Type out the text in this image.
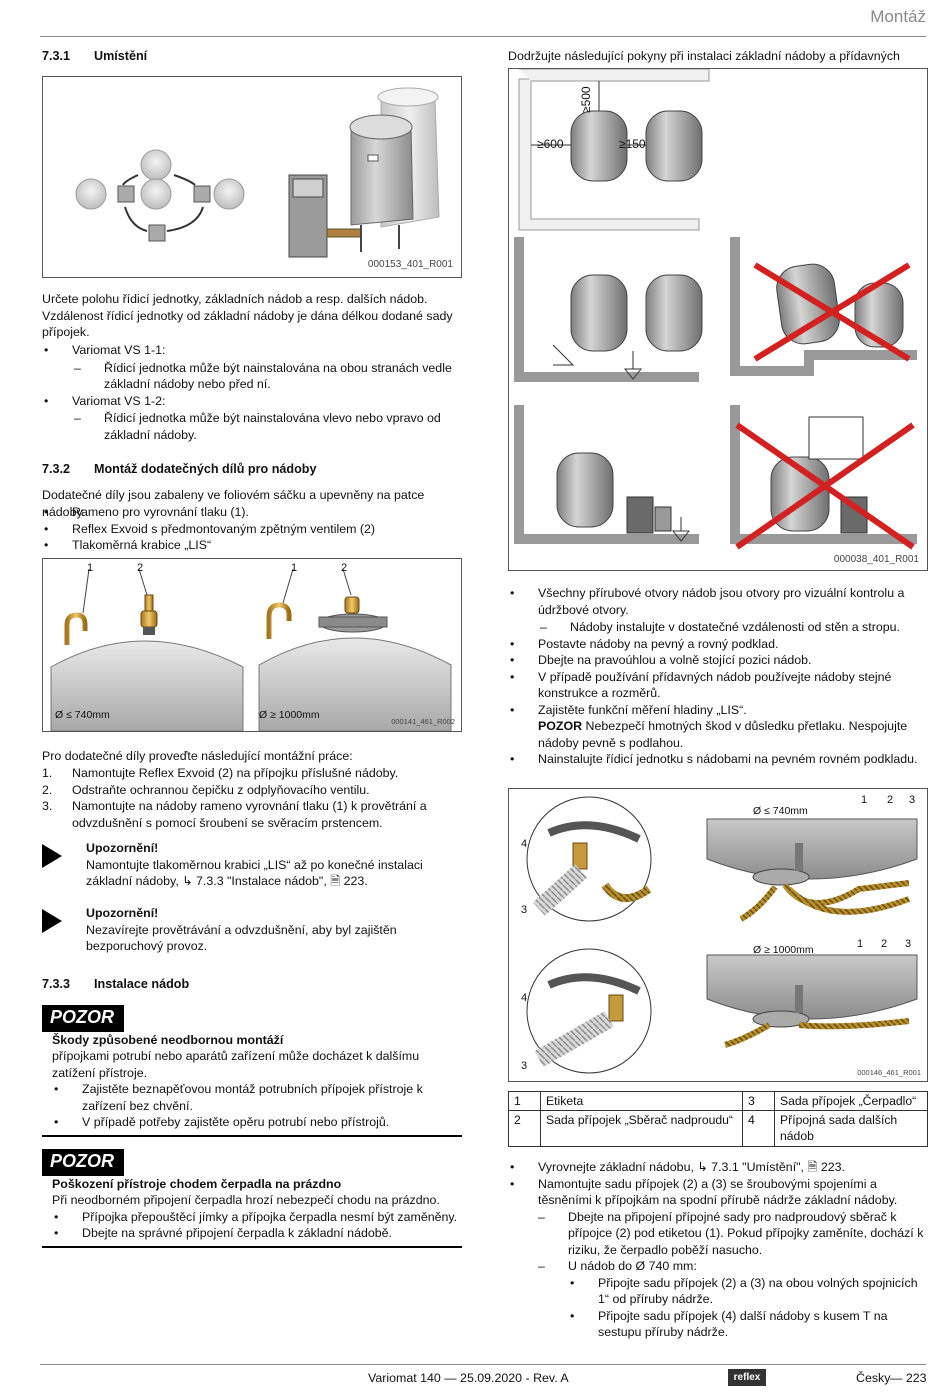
Montáž
7.3.1 Umístění
000153_401_R001
Určete polohu řídicí jednotky, základních nádob a resp. dalších nádob. Vzdálenost řídicí jednotky od základní nádoby je dána délkou dodané sady přípojek.
• Variomat VS 1-1:
– Řídicí jednotka může být nainstalována na obou stranách vedle základní nádoby nebo před ní.
• Variomat VS 1-2:
– Řídicí jednotka může být nainstalována vlevo nebo vpravo od základní nádoby.
7.3.2 Montáž dodatečných dílů pro nádoby
Dodatečné díly jsou zabaleny ve foliovém sáčku a upevněny na patce nádoby.
• Rameno pro vyrovnání tlaku (1).
• Reflex Exvoid s předmontovaným zpětným ventilem (2)
• Tlakoměrná krabice „LIS“
1	2	1	2
Ø ≤ 740mm	Ø ≥ 1000mm
000141_461_R002
Pro dodatečné díly proveďte následující montážní práce:
1. Namontujte Reflex Exvoid (2) na přípojku příslušné nádoby.
2. Odstraňte ochrannou čepičku z odplyňovacího ventilu.
3. Namontujte na nádoby rameno vyrovnání tlaku (1) k provětrání a odvzdušnění s pomocí šroubení se svěracím prstencem.
Upozornění!
Namontujte tlakoměrnou krabici „LIS“ až po konečné instalaci základní nádoby, ↳ 7.3.3 "Instalace nádob", 🗎 223.
Upozornění!
Nezavírejte provětrávání a odvzdušnění, aby byl zajištěn bezporuchový provoz.
7.3.3 Instalace nádob
POZOR
Škody způsobené neodbornou montáží
přípojkami potrubí nebo aparátů zařízení může docházet k dalšímu zatížení přístroje.
• Zajistěte beznapěťovou montáž potrubních přípojek přístroje k zařízení bez chvění.
• V případě potřeby zajistěte opěru potrubí nebo přístrojů.
POZOR
Poškození přístroje chodem čerpadla na prázdno
Při neodborném připojení čerpadla hrozí nebezpečí chodu na prázdno.
• Přípojka přepouštěcí jímky a přípojka čerpadla nesmí být zaměněny.
• Dbejte na správné připojení čerpadla k základní nádobě.
Dodržujte následující pokyny při instalaci základní nádoby a přídavných
≥500
≥600	≥150
000038_401_R001
• Všechny přírubové otvory nádob jsou otvory pro vizuální kontrolu a údržbové otvory.
– Nádoby instalujte v dostatečné vzdálenosti od stěn a stropu.
• Postavte nádoby na pevný a rovný podklad.
• Dbejte na pravoúhlou a volně stojící pozici nádob.
• V případě používání přídavných nádob používejte nádoby stejné konstrukce a rozměrů.
• Zajistěte funkční měření hladiny „LIS“.
POZOR Nebezpečí hmotných škod v důsledku přetlaku. Nespojujte nádoby pevně s podlahou.
• Nainstalujte řídicí jednotku s nádobami na pevném rovném podkladu.
Ø ≤ 740mm
Ø ≥ 1000mm
1 2 3
4
3
1 2 3
4
3
000146_461_R001
1	Etiketa	3	Sada přípojek „Čerpadlo“
2	Sada přípojek „Sběrač nadproudu“	4	Přípojná sada dalších nádob
• Vyrovnejte základní nádobu, ↳ 7.3.1 "Umístění", 🗎 223.
• Namontujte sadu přípojek (2) a (3) se šroubovými spojeními a těsněními k přípojkám na spodní přírubě nádrže základní nádoby.
– Dbejte na připojení přípojné sady pro nadproudový sběrač k přípojce (2) pod etiketou (1). Pokud přípojky zaměníte, dochází k riziku, že čerpadlo poběží nasucho.
– U nádob do Ø 740 mm:
• Připojte sadu přípojek (2) a (3) na obou volných spojnicích 1“ od příruby nádrže.
• Připojte sadu přípojek (4) další nádoby s kusem T na sestupu příruby nádrže.
Variomat 140 — 25.09.2020 - Rev. A	reflex	Česky — 223
